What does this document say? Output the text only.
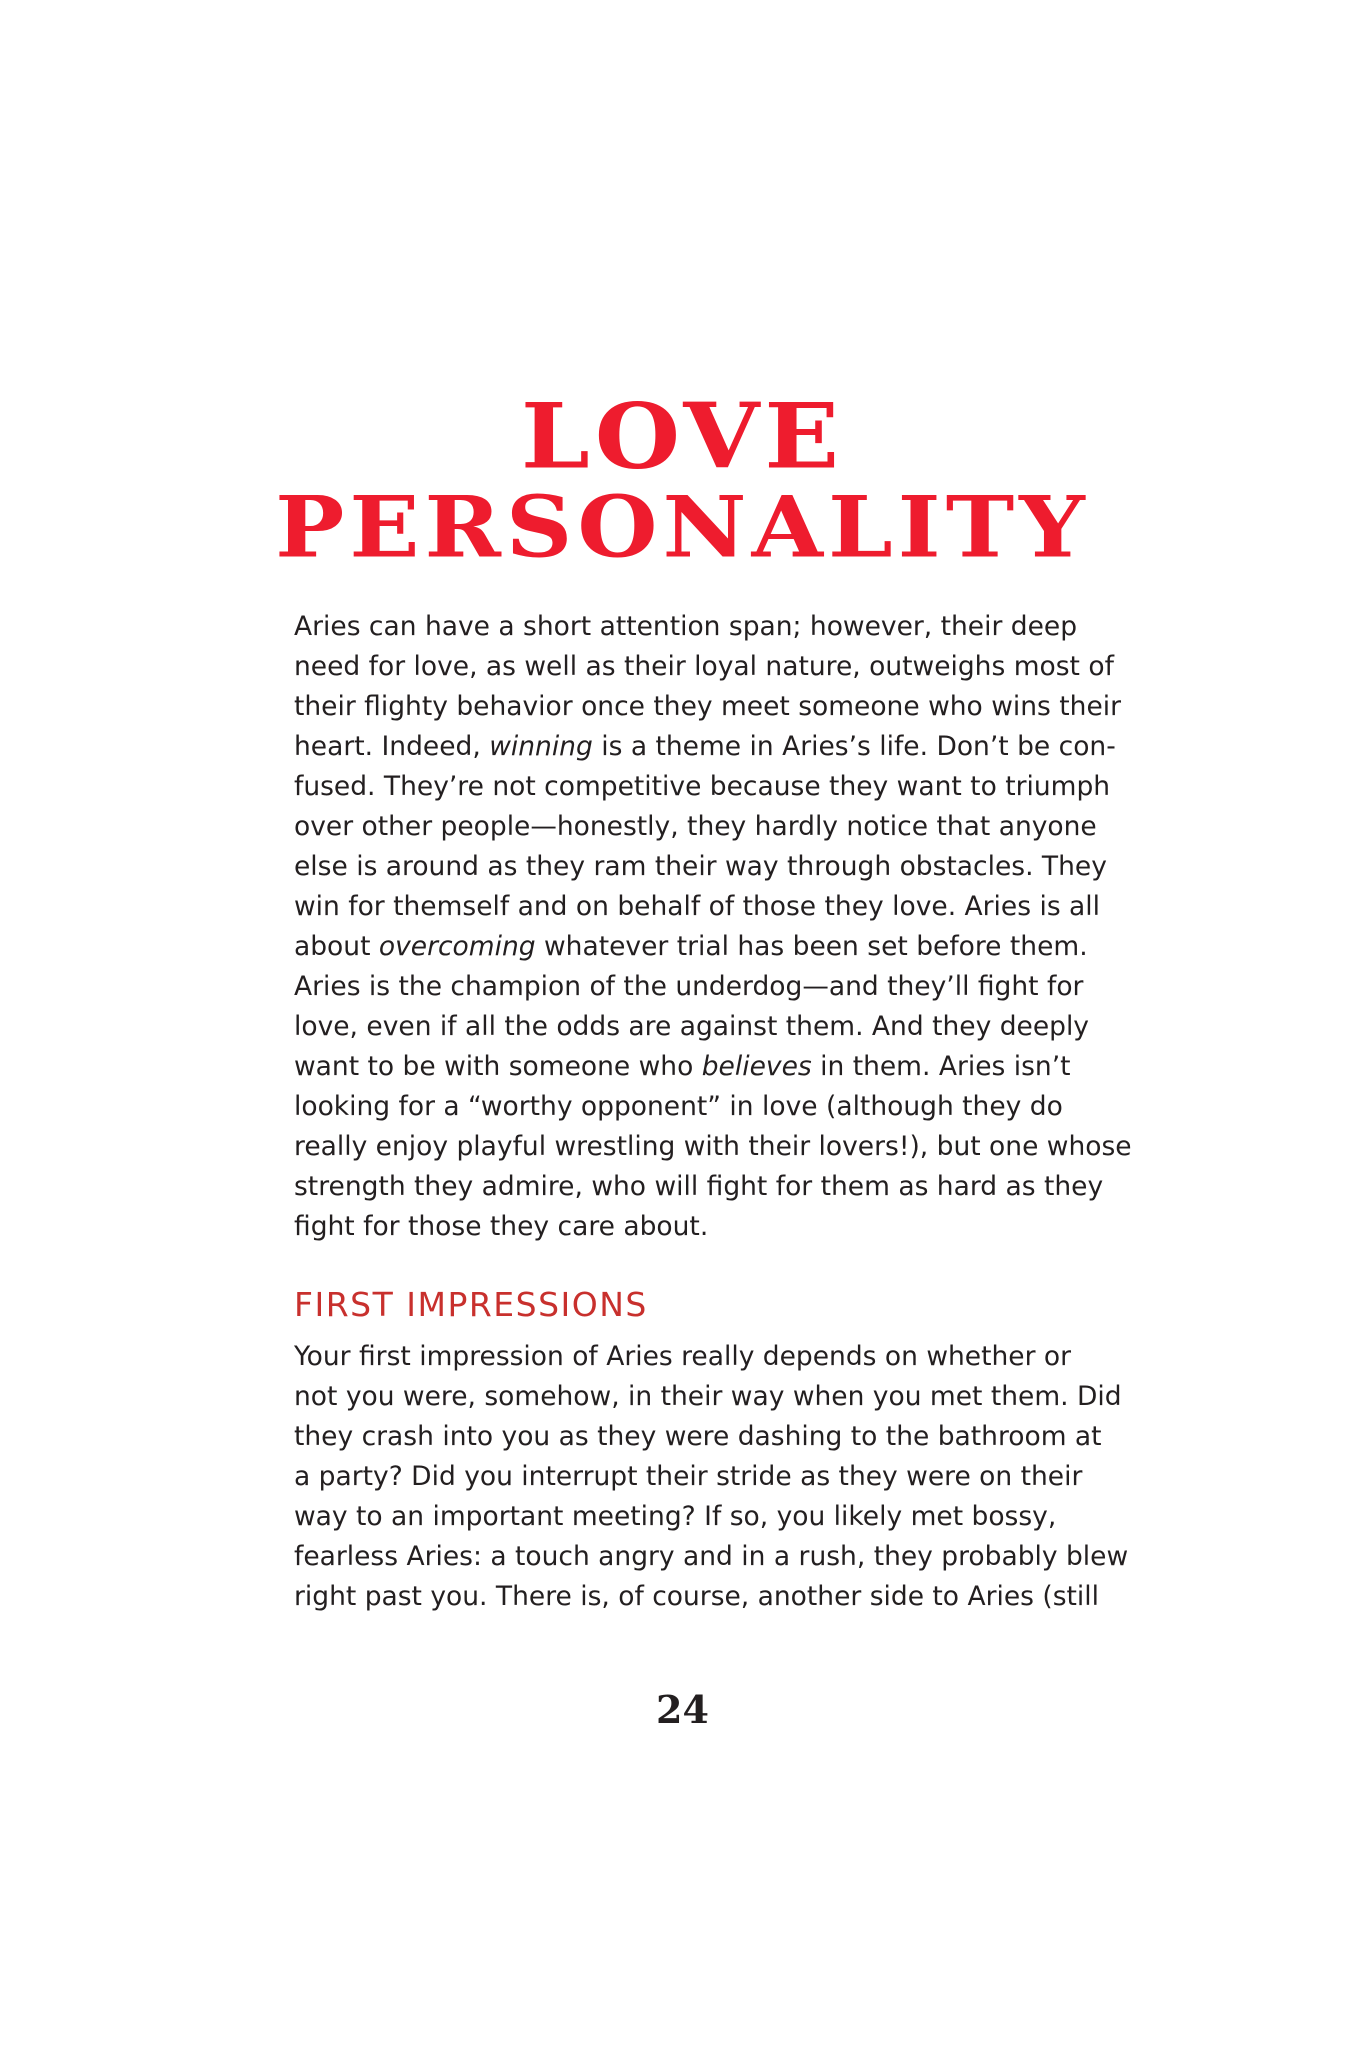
LOVE
PERSONALITY

Aries can have a short attention span; however, their deep
need for love, as well as their loyal nature, outweighs most of
their flighty behavior once they meet someone who wins their
heart. Indeed, winning is a theme in Aries’s life. Don’t be con-
fused. They’re not competitive because they want to triumph
over other people—honestly, they hardly notice that anyone
else is around as they ram their way through obstacles. They
win for themself and on behalf of those they love. Aries is all
about overcoming whatever trial has been set before them.
Aries is the champion of the underdog—and they’ll fight for
love, even if all the odds are against them. And they deeply
want to be with someone who believes in them. Aries isn’t
looking for a “worthy opponent” in love (although they do
really enjoy playful wrestling with their lovers!), but one whose
strength they admire, who will fight for them as hard as they
fight for those they care about.

FIRST IMPRESSIONS

Your first impression of Aries really depends on whether or
not you were, somehow, in their way when you met them. Did
they crash into you as they were dashing to the bathroom at
a party? Did you interrupt their stride as they were on their
way to an important meeting? If so, you likely met bossy,
fearless Aries: a touch angry and in a rush, they probably blew
right past you. There is, of course, another side to Aries (still

24
